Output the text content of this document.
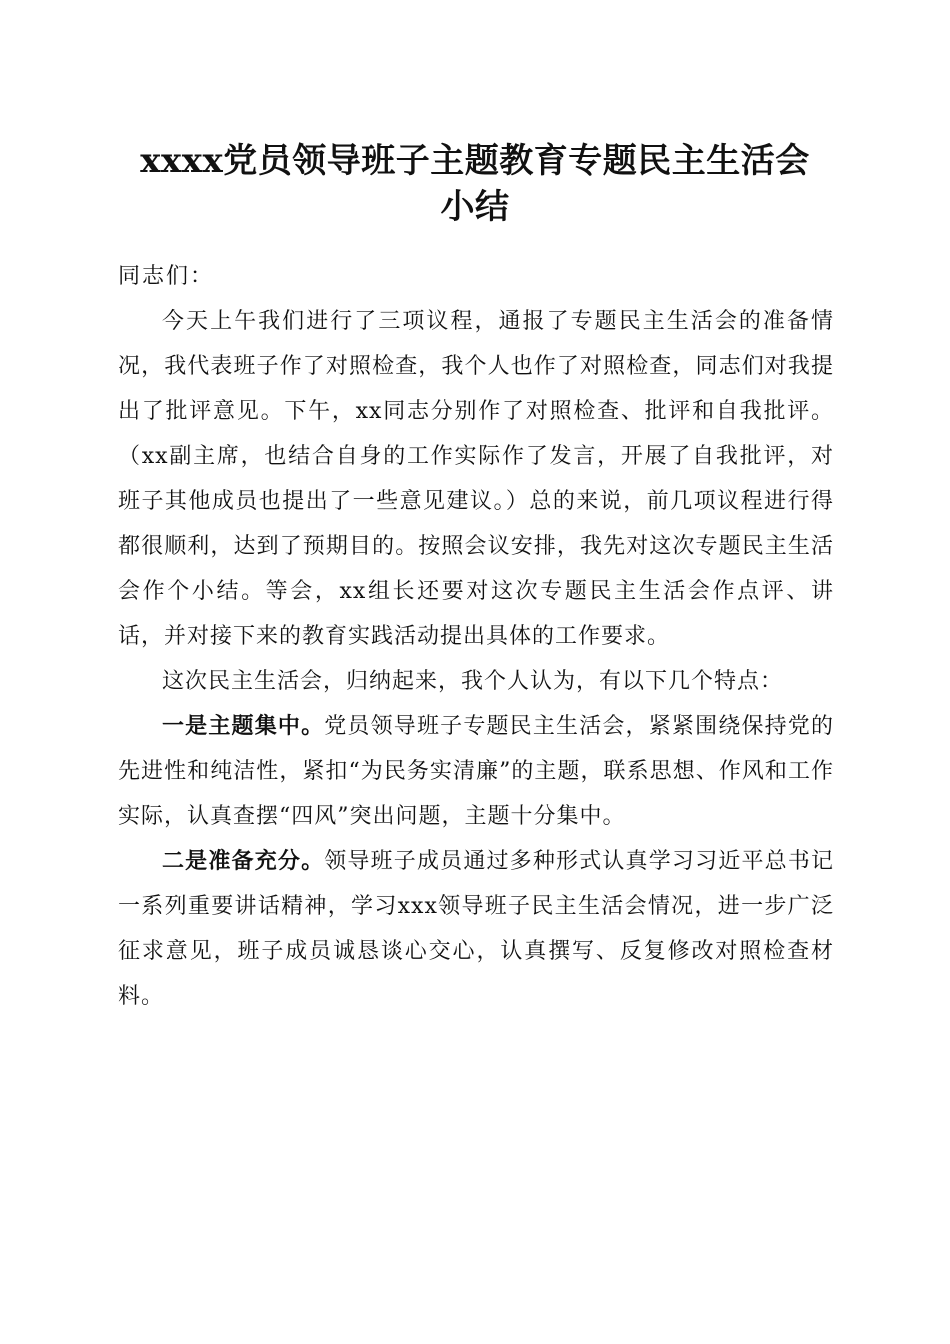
xxxx党员领导班子主题教育专题民主生活会
小结

同志们：

今天上午我们进行了三项议程，通报了专题民主生活会的准备情况，我代表班子作了对照检查，我个人也作了对照检查，同志们对我提出了批评意见。下午，xx同志分别作了对照检查、批评和自我批评。（xx副主席，也结合自身的工作实际作了发言，开展了自我批评，对班子其他成员也提出了一些意见建议。）总的来说，前几项议程进行得都很顺利，达到了预期目的。按照会议安排，我先对这次专题民主生活会作个小结。等会，xx组长还要对这次专题民主生活会作点评、讲话，并对接下来的教育实践活动提出具体的工作要求。

这次民主生活会，归纳起来，我个人认为，有以下几个特点：

一是主题集中。党员领导班子专题民主生活会，紧紧围绕保持党的先进性和纯洁性，紧扣“为民务实清廉”的主题，联系思想、作风和工作实际，认真查摆“四风”突出问题，主题十分集中。

二是准备充分。领导班子成员通过多种形式认真学习习近平总书记一系列重要讲话精神，学习xxx领导班子民主生活会情况，进一步广泛征求意见，班子成员诚恳谈心交心，认真撰写、反复修改对照检查材料。
